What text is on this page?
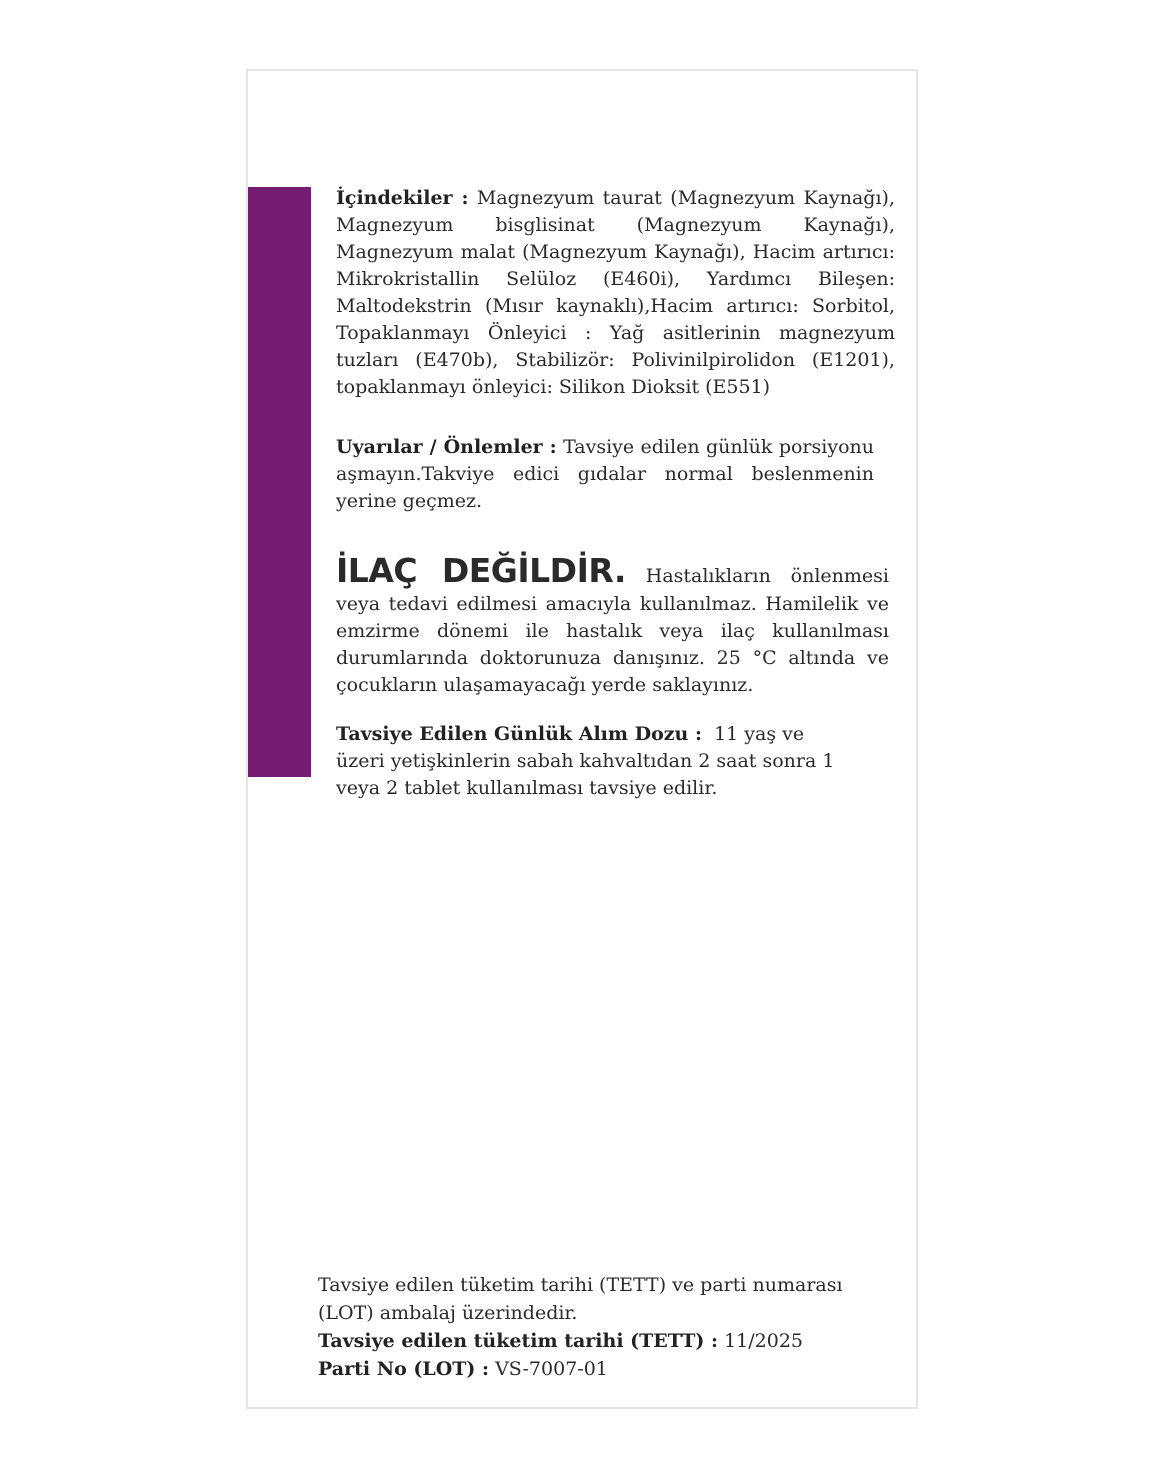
İçindekiler : Magnezyum taurat (Magnezyum Kaynağı), Magnezyum bisglisinat (Magnezyum Kaynağı), Magnezyum malat (Magnezyum Kaynağı), Hacim artırıcı: Mikrokristallin Selüloz (E460i), Yardımcı Bileşen: Maltodekstrin (Mısır kaynaklı),Hacim artırıcı: Sorbitol, Topaklanmayı Önleyici : Yağ asitlerinin magnezyum tuzları (E470b), Stabilizör: Polivinilpirolidon (E1201), topaklanmayı önleyici: Silikon Dioksit (E551)

Uyarılar / Önlemler : Tavsiye edilen günlük porsiyonu aşmayın.Takviye edici gıdalar normal beslenmenin yerine geçmez.

İLAÇ DEĞİLDİR. Hastalıkların önlenmesi veya tedavi edilmesi amacıyla kullanılmaz. Hamilelik ve emzirme dönemi ile hastalık veya ilaç kullanılması durumlarında doktorunuza danışınız. 25 °C altında ve çocukların ulaşamayacağı yerde saklayınız.

Tavsiye Edilen Günlük Alım Dozu : 11 yaş ve üzeri yetişkinlerin sabah kahvaltıdan 2 saat sonra 1 veya 2 tablet kullanılması tavsiye edilir.

Tavsiye edilen tüketim tarihi (TETT) ve parti numarası (LOT) ambalaj üzerindedir.

Tavsiye edilen tüketim tarihi (TETT) : 11/2025

Parti No (LOT) : VS-7007-01
